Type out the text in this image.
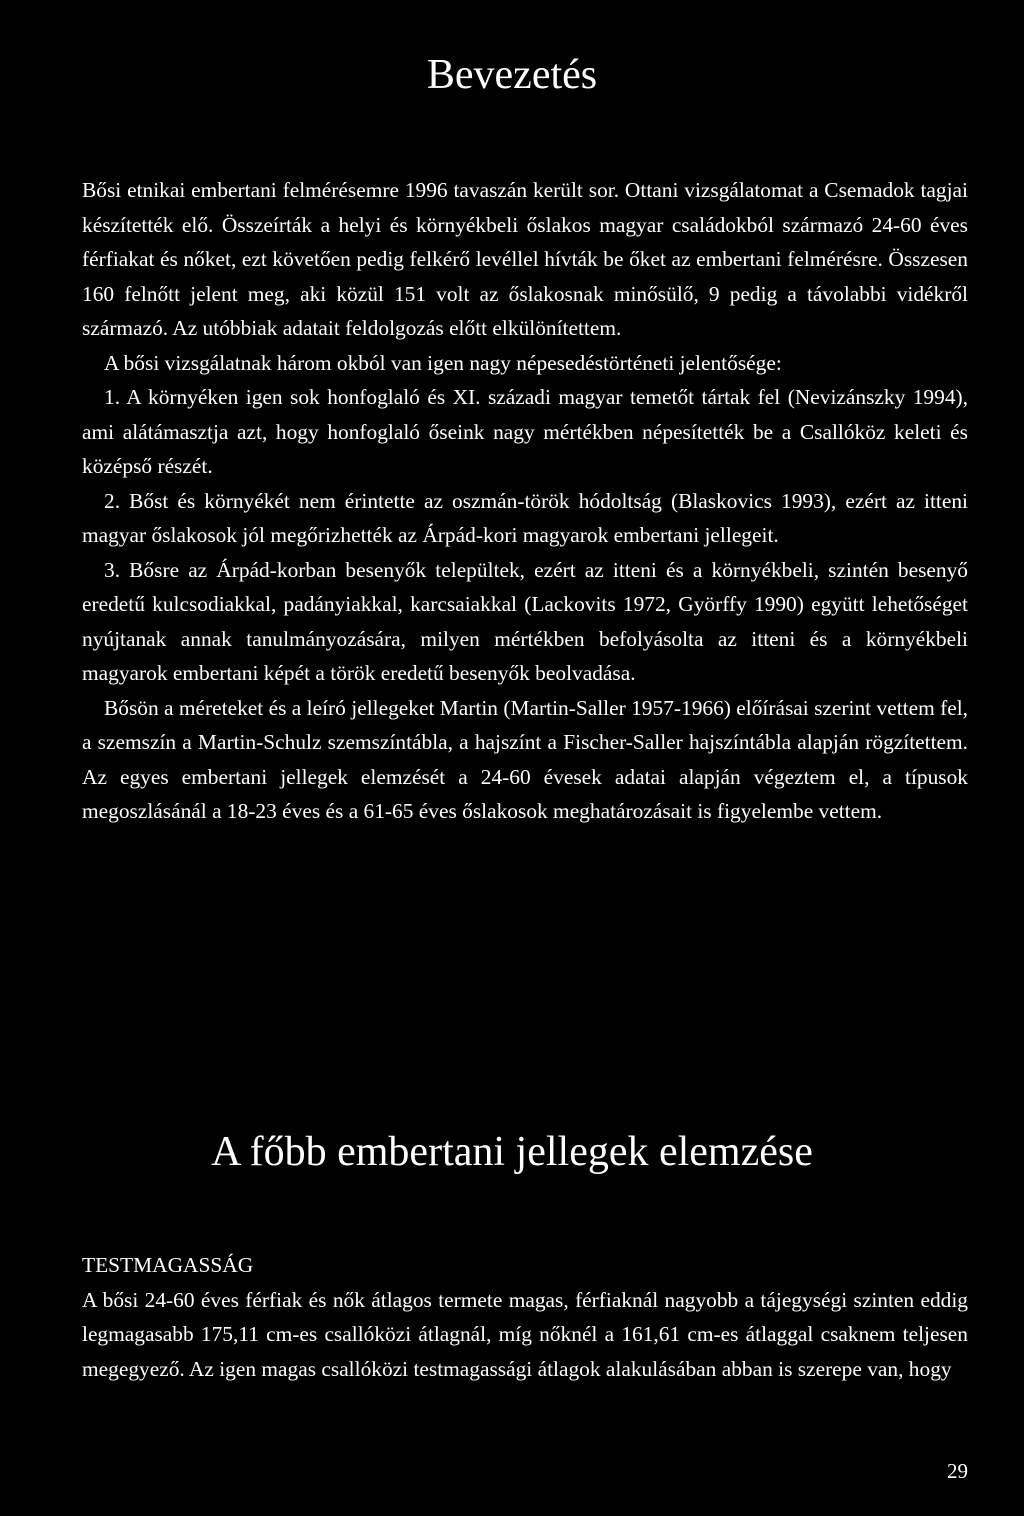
Bevezetés

Bősi etnikai embertani felmérésemre 1996 tavaszán került sor. Ottani vizsgálatomat a Csemadok tagjai készítették elő. Összeírták a helyi és környékbeli őslakos magyar családokból származó 24-60 éves férfiakat és nőket, ezt követően pedig felkérő levéllel hívták be őket az embertani felmérésre. Összesen 160 felnőtt jelent meg, aki közül 151 volt az őslakosnak minősülő, 9 pedig a távolabbi vidékről származó. Az utóbbiak adatait feldolgozás előtt elkülönítettem.

A bősi vizsgálatnak három okból van igen nagy népesedéstörténeti jelentősége:

1. A környéken igen sok honfoglaló és XI. századi magyar temetőt tártak fel (Nevizánszky 1994), ami alátámasztja azt, hogy honfoglaló őseink nagy mértékben népesítették be a Csallóköz keleti és középső részét.

2. Bőst és környékét nem érintette az oszmán-török hódoltság (Blaskovics 1993), ezért az itteni magyar őslakosok jól megőrizhették az Árpád-kori magyarok embertani jellegeit.

3. Bősre az Árpád-korban besenyők települtek, ezért az itteni és a környékbeli, szintén besenyő eredetű kulcsodiakkal, padányiakkal, karcsaiakkal (Lackovits 1972, Györffy 1990) együtt lehetőséget nyújtanak annak tanulmányozására, milyen mértékben befolyásolta az itteni és a környékbeli magyarok embertani képét a török eredetű besenyők beolvadása.

Bősön a méreteket és a leíró jellegeket Martin (Martin-Saller 1957-1966) előírásai szerint vettem fel, a szemszín a Martin-Schulz szemszíntábla, a hajszínt a Fischer-Saller hajszíntábla alapján rögzítettem. Az egyes embertani jellegek elemzését a 24-60 évesek adatai alapján végeztem el, a típusok megoszlásánál a 18-23 éves és a 61-65 éves őslakosok meghatározásait is figyelembe vettem.

A főbb embertani jellegek elemzése
TESTMAGASSÁG

A bősi 24-60 éves férfiak és nők átlagos termete magas, férfiaknál nagyobb a tájegységi szinten eddig legmagasabb 175,11 cm-es csallóközi átlagnál, míg nőknél a 161,61 cm-es átlaggal csaknem teljesen megegyező. Az igen magas csallóközi testmagassági átlagok alakulásában abban is szerepe van, hogy

29
